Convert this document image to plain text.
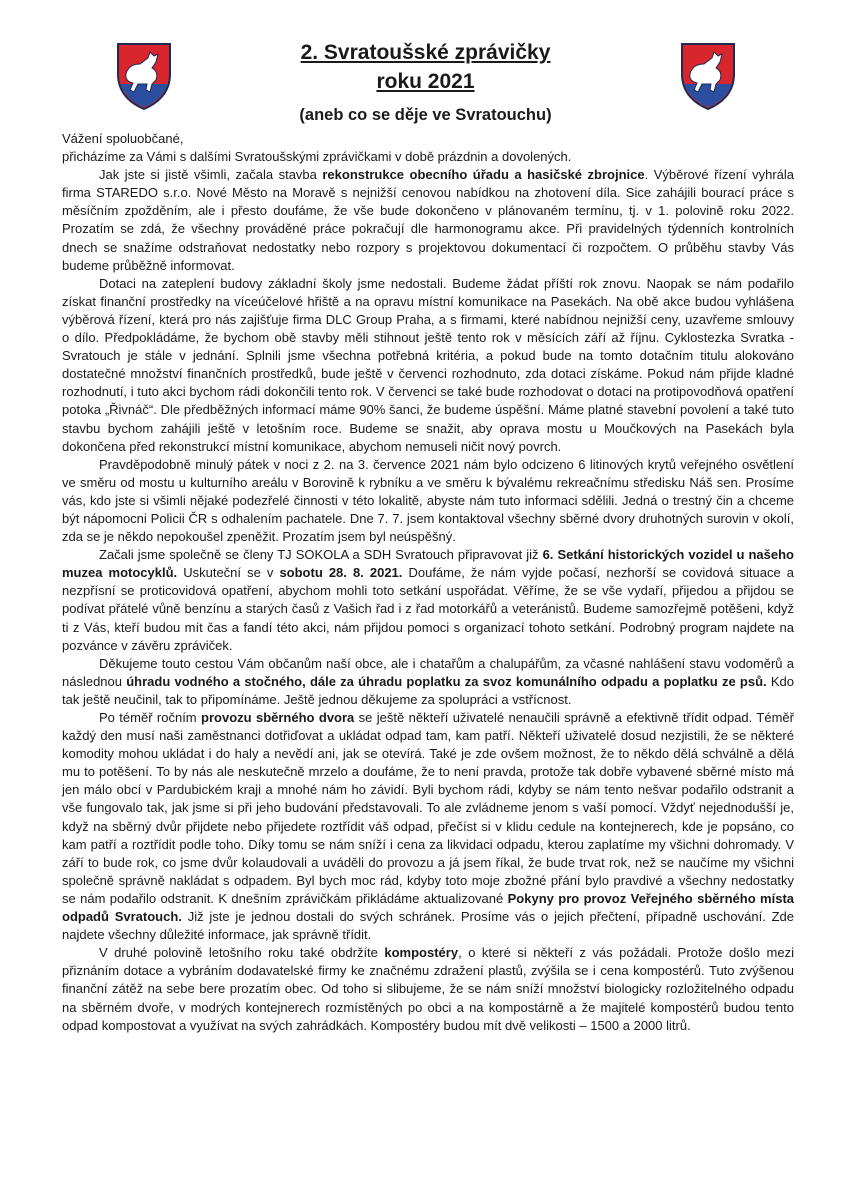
2. Svratoušské zprávičky
roku 2021
(aneb co se děje ve Svratouchu)

Vážení spoluobčané,

přicházíme za Vámi s dalšími Svratoušskými zprávičkami v době prázdnin a dovolených.

Jak jste si jistě všimli, začala stavba rekonstrukce obecního úřadu a hasičské zbrojnice. Výběrové řízení vyhrála firma STAREDO s.r.o. Nové Město na Moravě s nejnižší cenovou nabídkou na zhotovení díla. Sice zahájili bourací práce s měsíčním zpožděním, ale i přesto doufáme, že vše bude dokončeno v plánovaném termínu, tj. v 1. polovině roku 2022. Prozatím se zdá, že všechny prováděné práce pokračují dle harmonogramu akce. Při pravidelných týdenních kontrolních dnech se snažíme odstraňovat nedostatky nebo rozpory s projektovou dokumentací či rozpočtem. O průběhu stavby Vás budeme průběžně informovat.

Dotaci na zateplení budovy základní školy jsme nedostali. Budeme žádat příští rok znovu. Naopak se nám podařilo získat finanční prostředky na víceúčelové hřiště a na opravu místní komunikace na Pasekách. Na obě akce budou vyhlášena výběrová řízení, která pro nás zajišťuje firma DLC Group Praha, a s firmami, které nabídnou nejnižší ceny, uzavřeme smlouvy o dílo. Předpokládáme, že bychom obě stavby měli stihnout ještě tento rok v měsících září až říjnu. Cyklostezka Svratka - Svratouch je stále v jednání. Splnili jsme všechna potřebná kritéria, a pokud bude na tomto dotačním titulu alokováno dostatečné množství finančních prostředků, bude ještě v červenci rozhodnuto, zda dotaci získáme. Pokud nám přijde kladné rozhodnutí, i tuto akci bychom rádi dokončili tento rok. V červenci se také bude rozhodovat o dotaci na protipovodňová opatření potoka „Řivnáč“. Dle předběžných informací máme 90% šanci, že budeme úspěšní. Máme platné stavební povolení a také tuto stavbu bychom zahájili ještě v letošním roce. Budeme se snažit, aby oprava mostu u Moučkových na Pasekách byla dokončena před rekonstrukcí místní komunikace, abychom nemuseli ničit nový povrch.

Pravděpodobně minulý pátek v noci z 2. na 3. července 2021 nám bylo odcizeno 6 litinových krytů veřejného osvětlení ve směru od mostu u kulturního areálu v Borovině k rybníku a ve směru k bývalému rekreačnímu středisku Náš sen. Prosíme vás, kdo jste si všimli nějaké podezřelé činnosti v této lokalitě, abyste nám tuto informaci sdělili. Jedná o trestný čin a chceme být nápomocni Policii ČR s odhalením pachatele. Dne 7. 7. jsem kontaktoval všechny sběrné dvory druhotných surovin v okolí, zda se je někdo nepokoušel zpeněžit. Prozatím jsem byl neúspěšný.

Začali jsme společně se členy TJ SOKOLA a SDH Svratouch připravovat již 6. Setkání historických vozidel u našeho muzea motocyklů. Uskuteční se v sobotu 28. 8. 2021. Doufáme, že nám vyjde počasí, nezhorší se covidová situace a nezpřísní se proticovidová opatření, abychom mohli toto setkání uspořádat. Věříme, že se vše vydaří, přijedou a přijdou se podívat přátelé vůně benzínu a starých časů z Vašich řad i z řad motorkářů a veteránistů. Budeme samozřejmě potěšeni, když ti z Vás, kteří budou mít čas a fandí této akci, nám přijdou pomoci s organizací tohoto setkání. Podrobný program najdete na pozvánce v závěru zpráviček.

Děkujeme touto cestou Vám občanům naší obce, ale i chatařům a chalupářům, za včasné nahlášení stavu vodoměrů a následnou úhradu vodného a stočného, dále za úhradu poplatku za svoz komunálního odpadu a poplatku ze psů. Kdo tak ještě neučinil, tak to připomínáme. Ještě jednou děkujeme za spolupráci a vstřícnost.

Po téměř ročním provozu sběrného dvora se ještě někteří uživatelé nenaučili správně a efektivně třídit odpad. Téměř každý den musí naši zaměstnanci dotřiďovat a ukládat odpad tam, kam patří. Někteří uživatelé dosud nezjistili, že se některé komodity mohou ukládat i do haly a nevědí ani, jak se otevírá. Také je zde ovšem možnost, že to někdo dělá schválně a dělá mu to potěšení. To by nás ale neskutečně mrzelo a doufáme, že to není pravda, protože tak dobře vybavené sběrné místo má jen málo obcí v Pardubickém kraji a mnohé nám ho závidí. Byli bychom rádi, kdyby se nám tento nešvar podařilo odstranit a vše fungovalo tak, jak jsme si při jeho budování představovali. To ale zvládneme jenom s vaší pomocí. Vždyť nejednodušší je, když na sběrný dvůr přijdete nebo přijedete roztřídit váš odpad, přečíst si v klidu cedule na kontejnerech, kde je popsáno, co kam patří a roztřídit podle toho. Díky tomu se nám sníží i cena za likvidaci odpadu, kterou zaplatíme my všichni dohromady. V září to bude rok, co jsme dvůr kolaudovali a uváděli do provozu a já jsem říkal, že bude trvat rok, než se naučíme my všichni společně správně nakládat s odpadem. Byl bych moc rád, kdyby toto moje zbožné přání bylo pravdivé a všechny nedostatky se nám podařilo odstranit. K dnešním zprávičkám přikládáme aktualizované Pokyny pro provoz Veřejného sběrného místa odpadů Svratouch. Již jste je jednou dostali do svých schránek. Prosíme vás o jejich přečtení, případně uschování. Zde najdete všechny důležité informace, jak správně třídit.

V druhé polovině letošního roku také obdržíte kompostéry, o které si někteří z vás požádali. Protože došlo mezi přiznáním dotace a vybráním dodavatelské firmy ke značnému zdražení plastů, zvýšila se i cena kompostérů. Tuto zvýšenou finanční zátěž na sebe bere prozatím obec. Od toho si slibujeme, že se nám sníží množství biologicky rozložitelného odpadu na sběrném dvoře, v modrých kontejnerech rozmístěných po obci a na kompostárně a že majitelé kompostérů budou tento odpad kompostovat a využívat na svých zahrádkách. Kompostéry budou mít dvě velikosti – 1500 a 2000 litrů.
